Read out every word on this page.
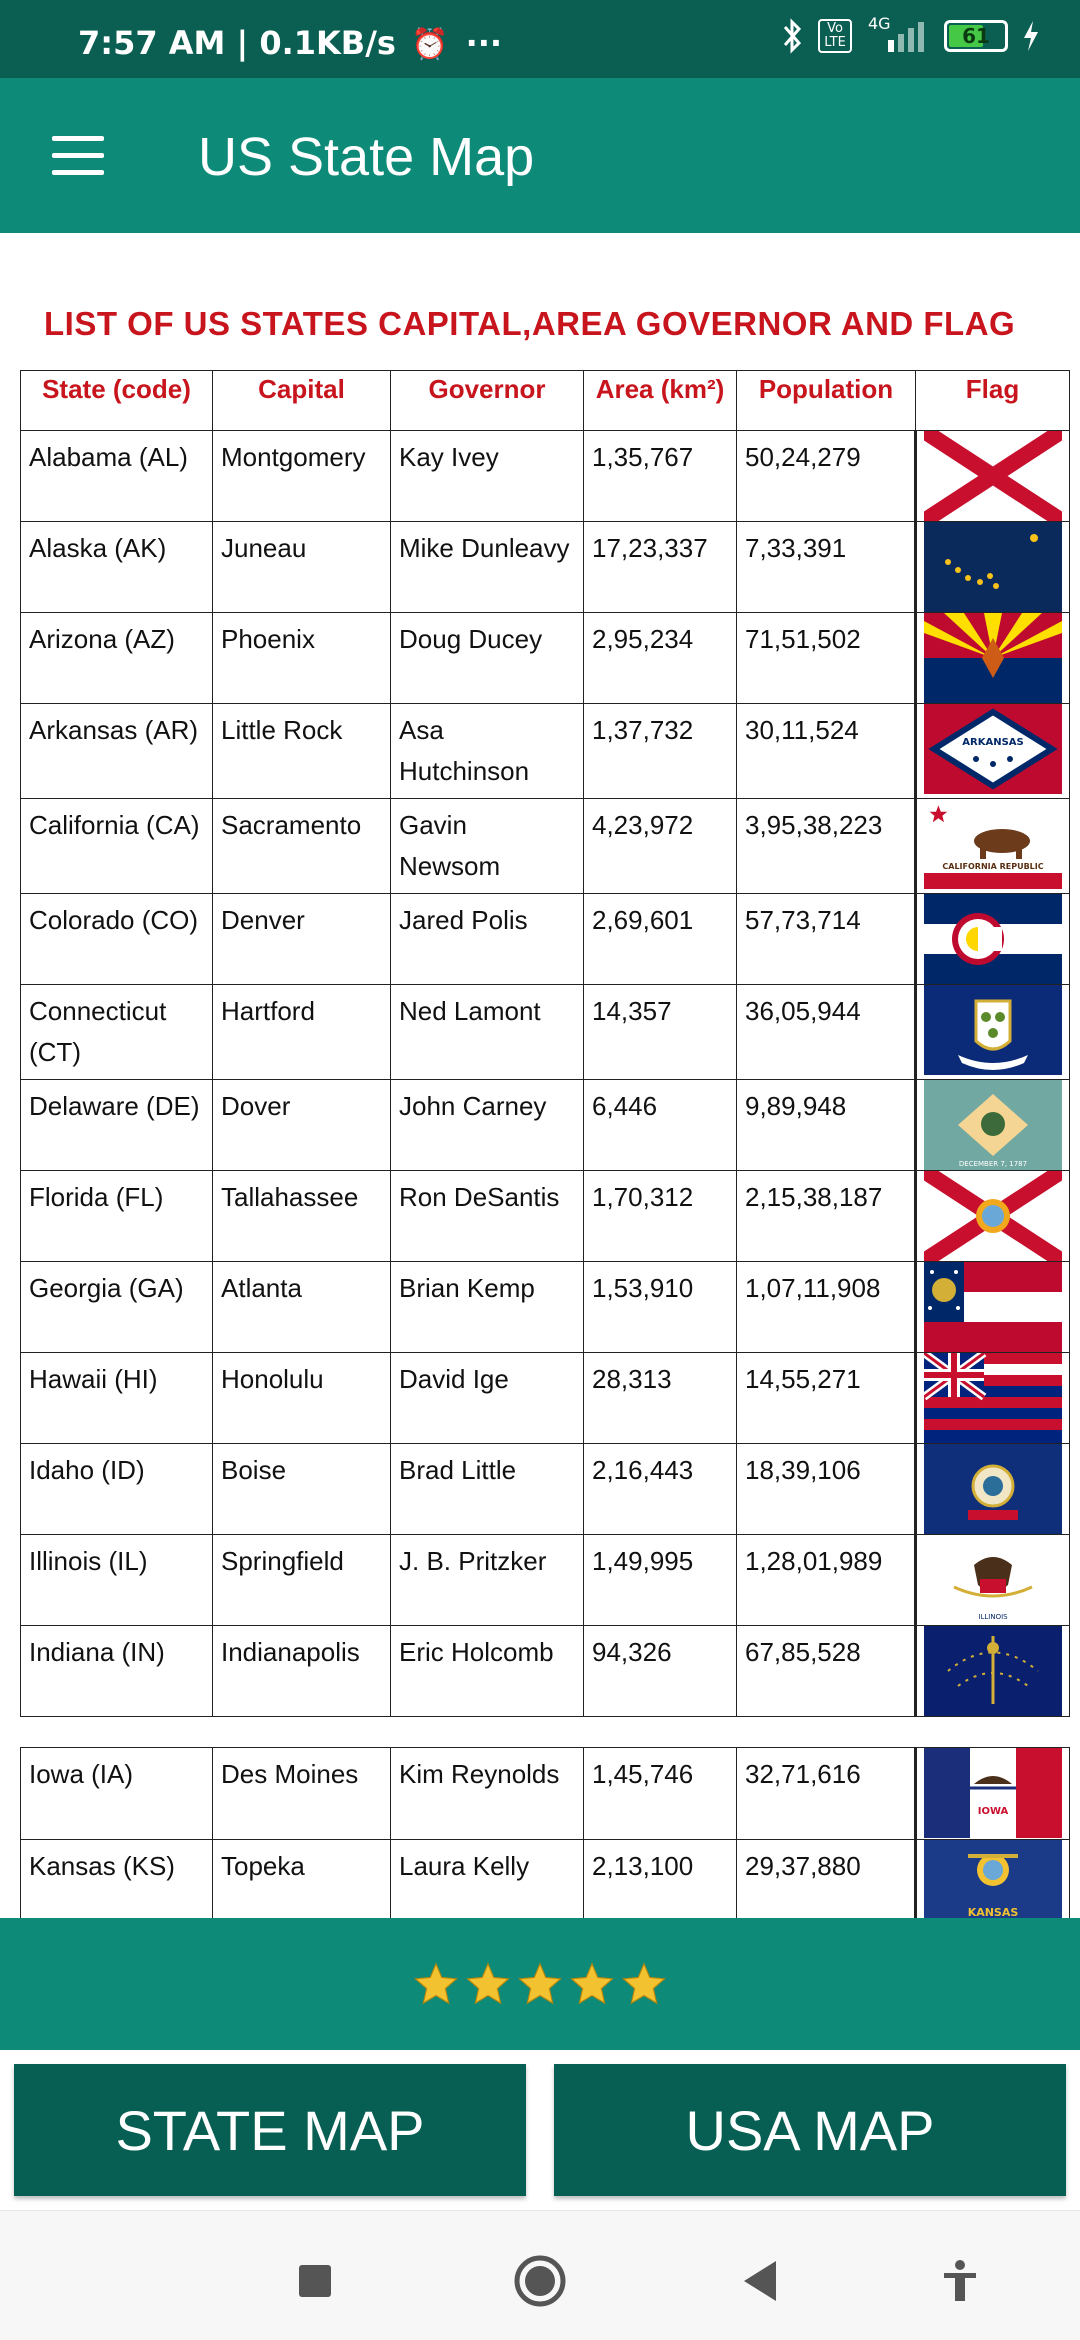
7:57 AM | 0.1KB/s ⏰ ···	Vo LTE
4G
61
US State Map
LIST OF US STATES CAPITAL,AREA GOVERNOR AND FLAG
State (code)	Capital	Governor	Area (km²)	Population	Flag
Alabama (AL)	Montgomery	Kay Ivey	1,35,767	50,24,279	

Alaska (AK)	Juneau	Mike Dunleavy	17,23,337	7,33,391	

Arizona (AZ)	Phoenix	Doug Ducey	2,95,234	71,51,502	

Arkansas (AR)	Little Rock	Asa Hutchinson	1,37,732	30,11,524	ARKANSAS

California (CA)	Sacramento	Gavin Newsom	4,23,972	3,95,38,223	CALIFORNIA REPUBLIC

Colorado (CO)	Denver	Jared Polis	2,69,601	57,73,714	

Connecticut (CT)	Hartford	Ned Lamont	14,357	36,05,944	

Delaware (DE)	Dover	John Carney	6,446	9,89,948	DECEMBER 7, 1787

Florida (FL)	Tallahassee	Ron DeSantis	1,70,312	2,15,38,187	

Georgia (GA)	Atlanta	Brian Kemp	1,53,910	1,07,11,908	

Hawaii (HI)	Honolulu	David Ige	28,313	14,55,271	

Idaho (ID)	Boise	Brad Little	2,16,443	18,39,106	

Illinois (IL)	Springfield	J. B. Pritzker	1,49,995	1,28,01,989	ILLINOIS

Indiana (IN)	Indianapolis	Eric Holcomb	94,326	67,85,528	
Iowa (IA)	Des Moines	Kim Reynolds	1,45,746	32,71,616	IOWA

Kansas (KS)	Topeka	Laura Kelly	2,13,100	29,37,880	KANSAS
STATE MAP	USA MAP
